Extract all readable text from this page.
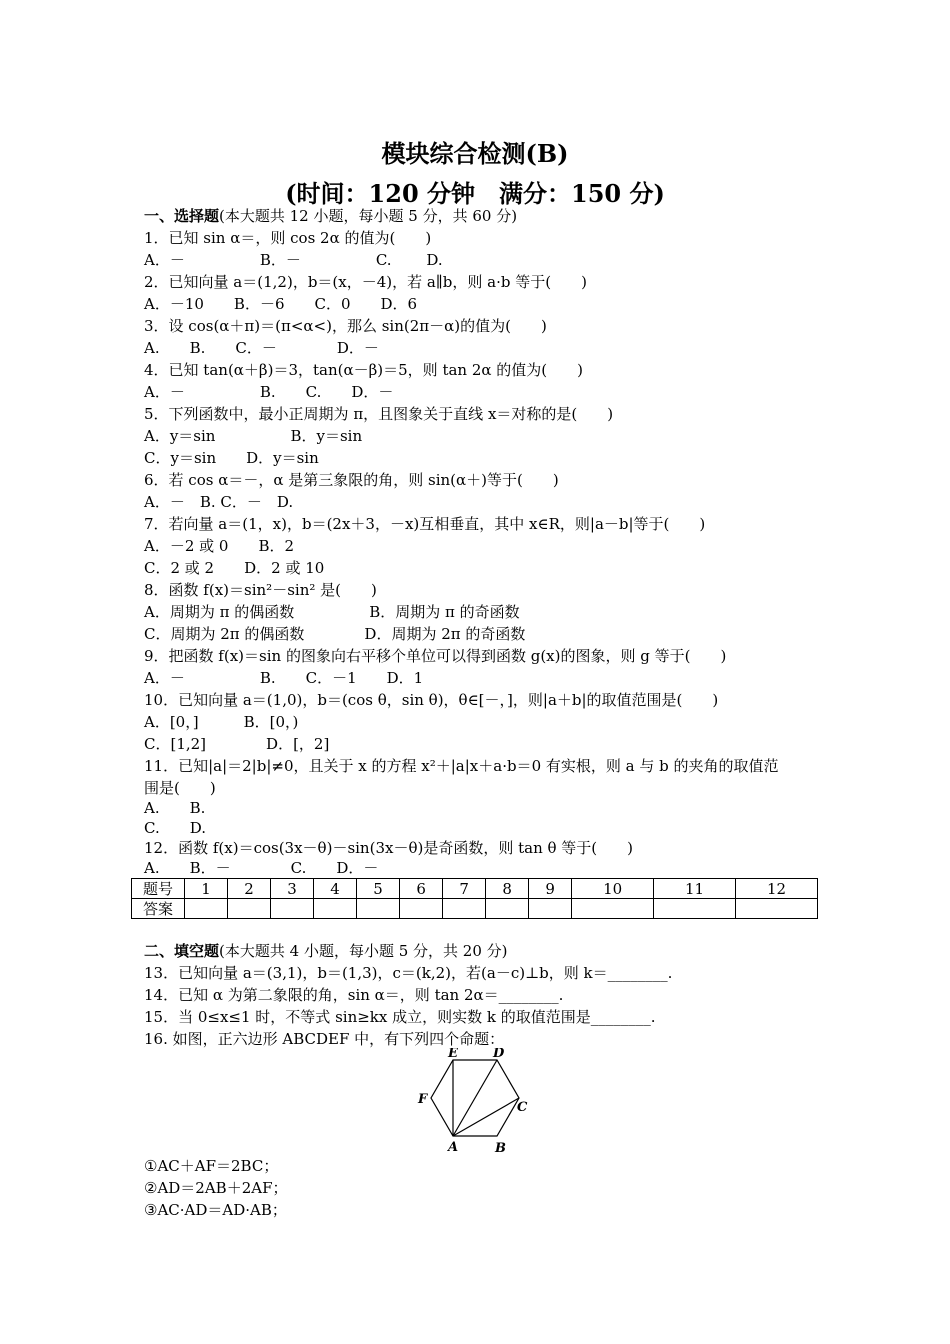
模块综合检测(B)
(时间：120 分钟　满分：150 分)
一、选择题(本大题共 12 小题，每小题 5 分，共 60 分)
1．已知 sin α＝，则 cos 2α 的值为(　　)
A．－　　　　　B．－　　　　　C.　　 D.
2．已知向量 a＝(1,2)，b＝(x，－4)，若 a∥b，则 a·b 等于(　　)
A．－10　　B．－6　　C．0　　D．6
3．设 cos(α＋π)＝(π<α<)，那么 sin(2π－α)的值为(　　)
A.　　B.　　C．－　　　　D．－
4．已知 tan(α＋β)＝3，tan(α－β)＝5，则 tan 2α 的值为(　　)
A．－　　　　　B.　　C.　　D．－
5．下列函数中，最小正周期为 π，且图象关于直线 x＝对称的是(　　)
A．y＝sin　　　　　B．y＝sin
C．y＝sin　　D．y＝sin
6．若 cos α＝－，α 是第三象限的角，则 sin(α＋)等于(　　)
A．－　B. C．－　D.
7．若向量 a＝(1，x)，b＝(2x＋3，－x)互相垂直，其中 x∈R，则|a－b|等于(　　)
A．－2 或 0　　B．2
C．2 或 2　　D．2 或 10
8．函数 f(x)＝sin²－sin² 是(　　)
A．周期为 π 的偶函数　　　　　B．周期为 π 的奇函数
C．周期为 2π 的偶函数　　　　D．周期为 2π 的奇函数
9．把函数 f(x)＝sin 的图象向右平移个单位可以得到函数 g(x)的图象，则 g 等于(　　)
A．－　　　　　B.　　C．－1　　D．1
10．已知向量 a＝(1,0)，b＝(cos θ，sin θ)，θ∈[－，]，则|a＋b|的取值范围是(　　)
A．[0，]　　　B．[0，)
C．[1,2]　　　　D．[，2]
11．已知|a|＝2|b|≠0，且关于 x 的方程 x²＋|a|x＋a·b＝0 有实根，则 a 与 b 的夹角的取值范
围是(　　)
A.　　B.
C.　　D.
12．函数 f(x)＝cos(3x－θ)－sin(3x－θ)是奇函数，则 tan θ 等于(　　)
A.　　B．－　　　　C.　　D．－
题号	1	2	3	4	5	6	7	8	9	10	11	12
答案												
二、填空题(本大题共 4 小题，每小题 5 分，共 20 分)
13．已知向量 a＝(3,1)，b＝(1,3)，c＝(k,2)，若(a－c)⊥b，则 k＝________.
14．已知 α 为第二象限的角，sin α＝，则 tan 2α＝________.
15．当 0≤x≤1 时，不等式 sin≥kx 成立，则实数 k 的取值范围是________.
16. 如图，正六边形 ABCDEF 中，有下列四个命题：
E	D
F
C
A	B
①AC＋AF＝2BC；
②AD＝2AB＋2AF；
③AC·AD＝AD·AB；
